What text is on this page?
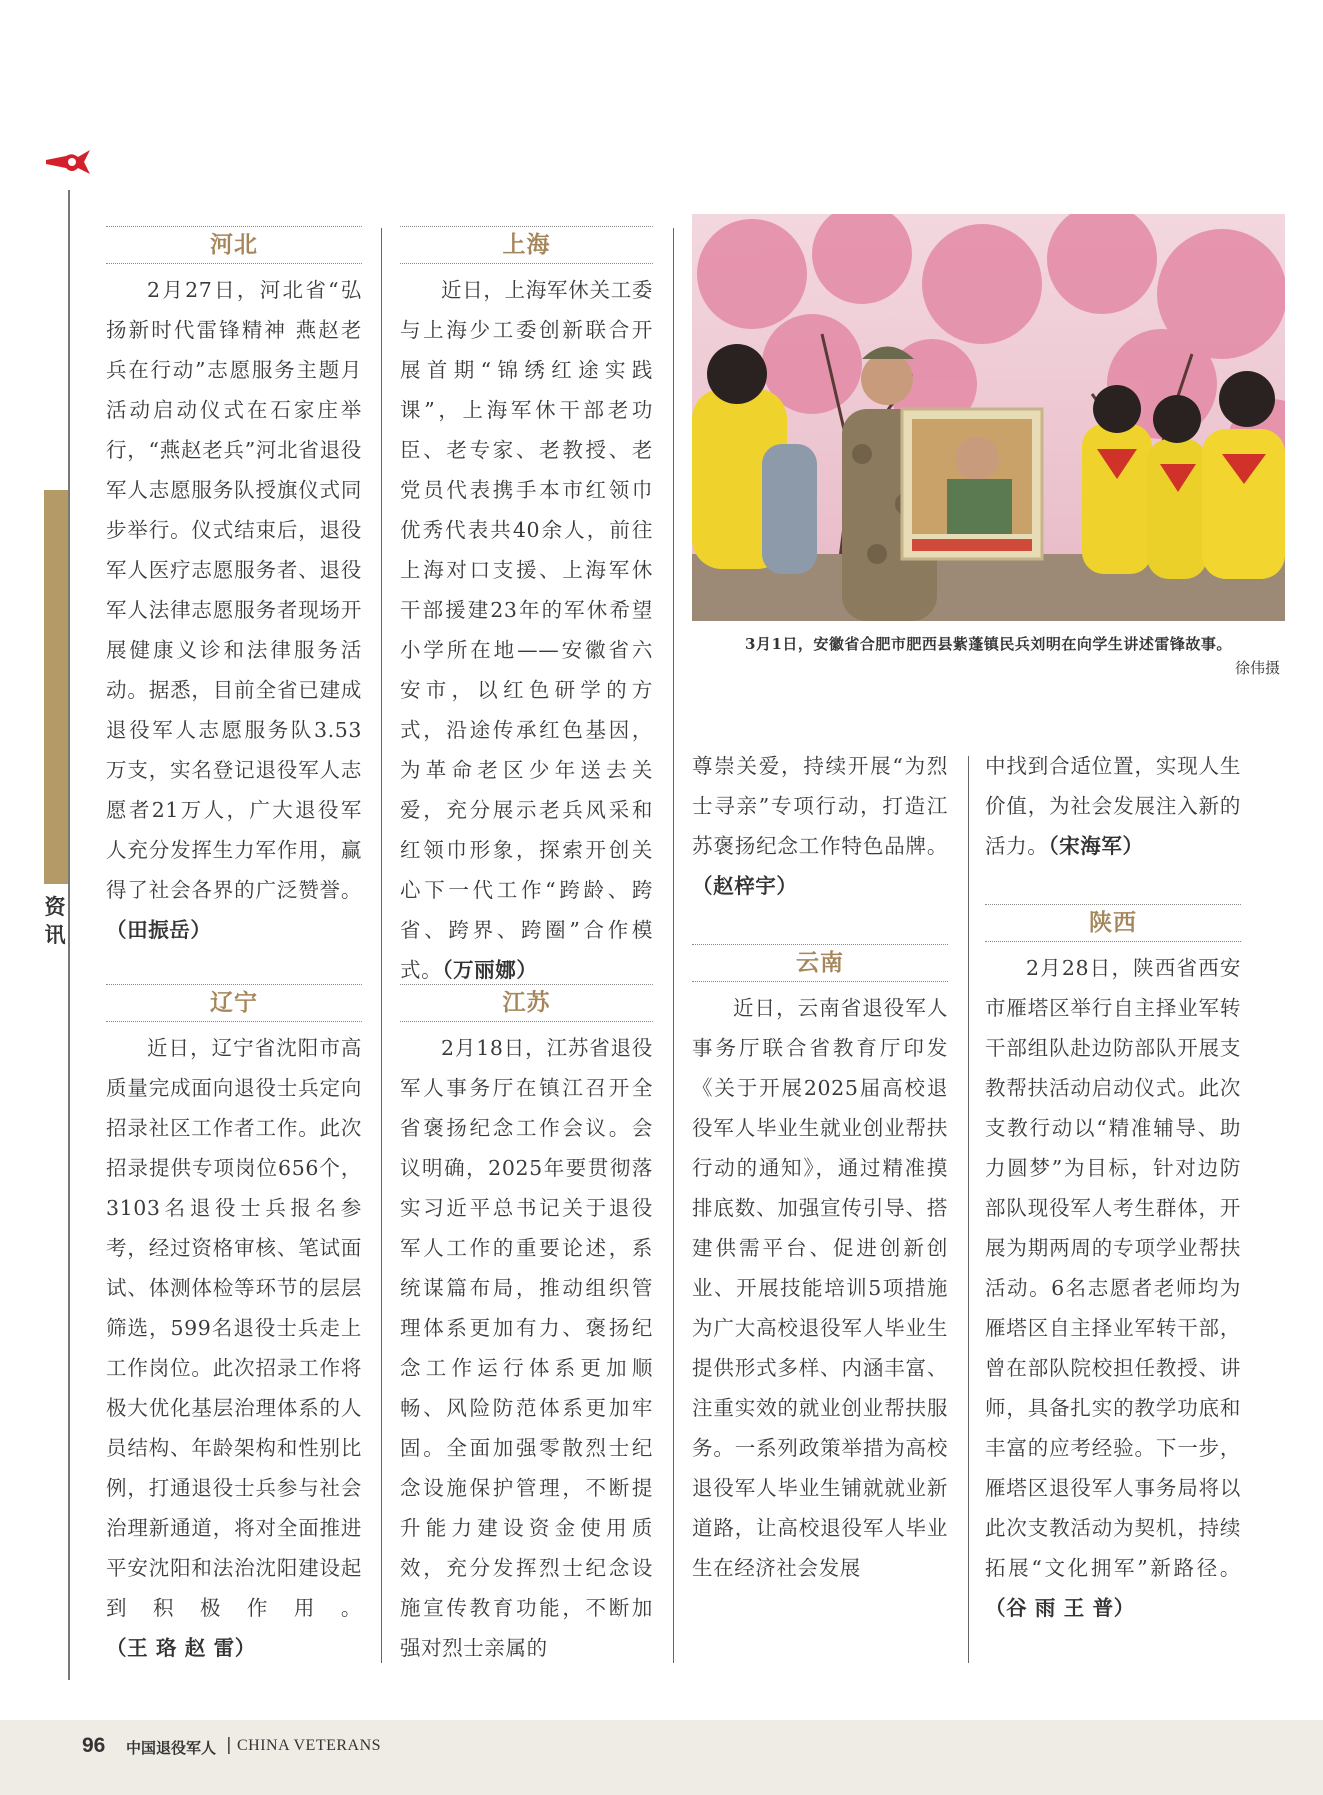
资讯
河北
2月27日，河北省“弘扬新时代雷锋精神 燕赵老兵在行动”志愿服务主题月活动启动仪式在石家庄举行，“燕赵老兵”河北省退役军人志愿服务队授旗仪式同步举行。仪式结束后，退役军人医疗志愿服务者、退役军人法律志愿服务者现场开展健康义诊和法律服务活动。据悉，目前全省已建成退役军人志愿服务队3.53万支，实名登记退役军人志愿者21万人，广大退役军人充分发挥生力军作用，赢得了社会各界的广泛赞誉。（田振岳）
上海
近日，上海军休关工委与上海少工委创新联合开展首期“锦绣红途实践课”，上海军休干部老功臣、老专家、老教授、老党员代表携手本市红领巾优秀代表共40余人，前往上海对口支援、上海军休干部援建23年的军休希望小学所在地——安徽省六安市，以红色研学的方式，沿途传承红色基因，为革命老区少年送去关爱，充分展示老兵风采和红领巾形象，探索开创关心下一代工作“跨龄、跨省、跨界、跨圈”合作模式。（万丽娜）
辽宁
近日，辽宁省沈阳市高质量完成面向退役士兵定向招录社区工作者工作。此次招录提供专项岗位656个，3103名退役士兵报名参考，经过资格审核、笔试面试、体测体检等环节的层层筛选，599名退役士兵走上工作岗位。此次招录工作将极大优化基层治理体系的人员结构、年龄架构和性别比例，打通退役士兵参与社会治理新通道，将对全面推进平安沈阳和法治沈阳建设起到积极作用。（王 珞 赵 雷）
江苏
2月18日，江苏省退役军人事务厅在镇江召开全省褒扬纪念工作会议。会议明确，2025年要贯彻落实习近平总书记关于退役军人工作的重要论述，系统谋篇布局，推动组织管理体系更加有力、褒扬纪念工作运行体系更加顺畅、风险防范体系更加牢固。全面加强零散烈士纪念设施保护管理，不断提升能力建设资金使用质效，充分发挥烈士纪念设施宣传教育功能，不断加强对烈士亲属的
3月1日，安徽省合肥市肥西县紫蓬镇民兵刘明在向学生讲述雷锋故事。
徐伟摄
尊崇关爱，持续开展“为烈士寻亲”专项行动，打造江苏褒扬纪念工作特色品牌。（赵梓宇）
云南
近日，云南省退役军人事务厅联合省教育厅印发《关于开展2025届高校退役军人毕业生就业创业帮扶行动的通知》，通过精准摸排底数、加强宣传引导、搭建供需平台、促进创新创业、开展技能培训5项措施为广大高校退役军人毕业生提供形式多样、内涵丰富、注重实效的就业创业帮扶服务。一系列政策举措为高校退役军人毕业生铺就就业新道路，让高校退役军人毕业生在经济社会发展
中找到合适位置，实现人生价值，为社会发展注入新的活力。（宋海军）
陕西
2月28日，陕西省西安市雁塔区举行自主择业军转干部组队赴边防部队开展支教帮扶活动启动仪式。此次支教行动以“精准辅导、助力圆梦”为目标，针对边防部队现役军人考生群体，开展为期两周的专项学业帮扶活动。6名志愿者老师均为雁塔区自主择业军转干部，曾在部队院校担任教授、讲师，具备扎实的教学功底和丰富的应考经验。下一步，雁塔区退役军人事务局将以此次支教活动为契机，持续拓展“文化拥军”新路径。（谷 雨 王 普）
96 中国退役军人 | CHINA VETERANS
